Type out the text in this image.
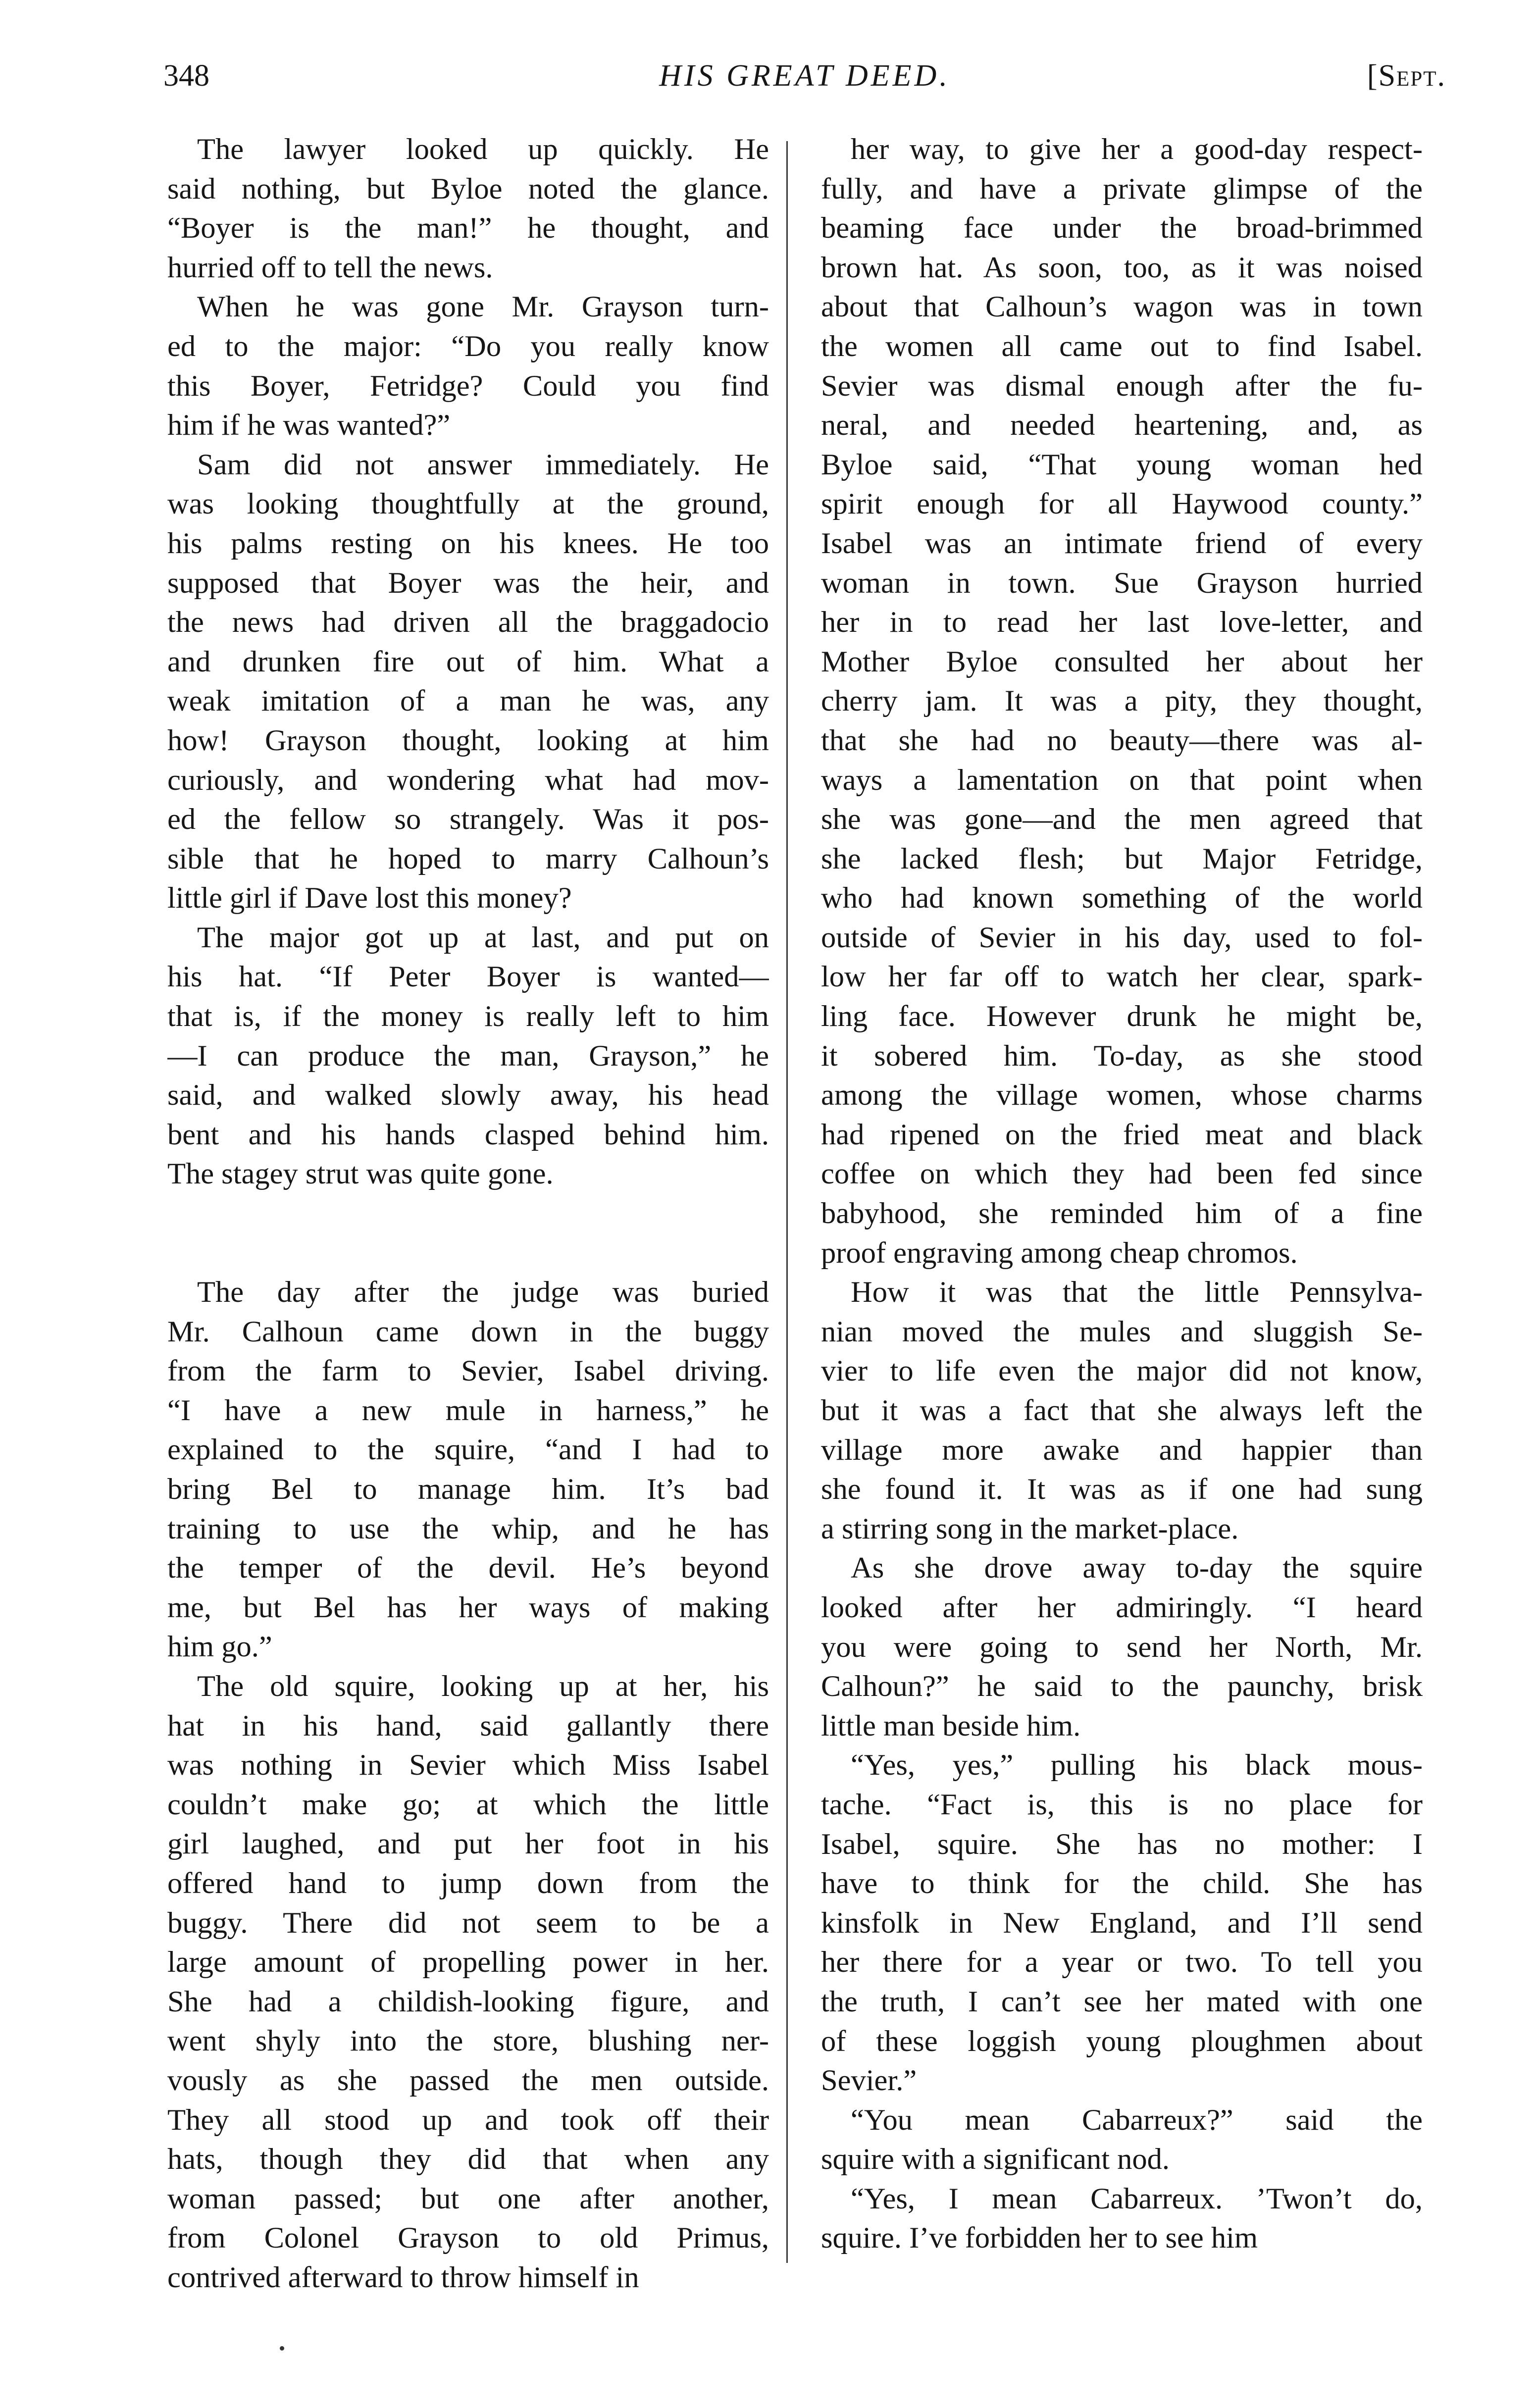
348	HIS GREAT DEED.	[Sept.
The lawyer looked up quickly. He
said nothing, but Byloe noted the glance.
“Boyer is the man!” he thought, and
hurried off to tell the news.
When he was gone Mr. Grayson turn-
ed to the major: “Do you really know
this Boyer, Fetridge? Could you find
him if he was wanted?”
Sam did not answer immediately. He
was looking thoughtfully at the ground,
his palms resting on his knees. He too
supposed that Boyer was the heir, and
the news had driven all the braggadocio
and drunken fire out of him. What a
weak imitation of a man he was, any
how! Grayson thought, looking at him
curiously, and wondering what had mov-
ed the fellow so strangely. Was it pos-
sible that he hoped to marry Calhoun’s
little girl if Dave lost this money?
The major got up at last, and put on
his hat. “If Peter Boyer is wanted—
that is, if the money is really left to him
—I can produce the man, Grayson,” he
said, and walked slowly away, his head
bent and his hands clasped behind him.
The stagey strut was quite gone.
The day after the judge was buried
Mr. Calhoun came down in the buggy
from the farm to Sevier, Isabel driving.
“I have a new mule in harness,” he
explained to the squire, “and I had to
bring Bel to manage him. It’s bad
training to use the whip, and he has
the temper of the devil. He’s beyond
me, but Bel has her ways of making
him go.”
The old squire, looking up at her, his
hat in his hand, said gallantly there
was nothing in Sevier which Miss Isabel
couldn’t make go; at which the little
girl laughed, and put her foot in his
offered hand to jump down from the
buggy. There did not seem to be a
large amount of propelling power in her.
She had a childish-looking figure, and
went shyly into the store, blushing ner-
vously as she passed the men outside.
They all stood up and took off their
hats, though they did that when any
woman passed; but one after another,
from Colonel Grayson to old Primus,
contrived afterward to throw himself in
her way, to give her a good-day respect-
fully, and have a private glimpse of the
beaming face under the broad-brimmed
brown hat. As soon, too, as it was noised
about that Calhoun’s wagon was in town
the women all came out to find Isabel.
Sevier was dismal enough after the fu-
neral, and needed heartening, and, as
Byloe said, “That young woman hed
spirit enough for all Haywood county.”
Isabel was an intimate friend of every
woman in town. Sue Grayson hurried
her in to read her last love-letter, and
Mother Byloe consulted her about her
cherry jam. It was a pity, they thought,
that she had no beauty—there was al-
ways a lamentation on that point when
she was gone—and the men agreed that
she lacked flesh; but Major Fetridge,
who had known something of the world
outside of Sevier in his day, used to fol-
low her far off to watch her clear, spark-
ling face. However drunk he might be,
it sobered him. To-day, as she stood
among the village women, whose charms
had ripened on the fried meat and black
coffee on which they had been fed since
babyhood, she reminded him of a fine
proof engraving among cheap chromos.
How it was that the little Pennsylva-
nian moved the mules and sluggish Se-
vier to life even the major did not know,
but it was a fact that she always left the
village more awake and happier than
she found it. It was as if one had sung
a stirring song in the market-place.
As she drove away to-day the squire
looked after her admiringly. “I heard
you were going to send her North, Mr.
Calhoun?” he said to the paunchy, brisk
little man beside him.
“Yes, yes,” pulling his black mous-
tache. “Fact is, this is no place for
Isabel, squire. She has no mother: I
have to think for the child. She has
kinsfolk in New England, and I’ll send
her there for a year or two. To tell you
the truth, I can’t see her mated with one
of these loggish young ploughmen about
Sevier.”
“You mean Cabarreux?” said the
squire with a significant nod.
“Yes, I mean Cabarreux. ’Twon’t do,
squire. I’ve forbidden her to see him
